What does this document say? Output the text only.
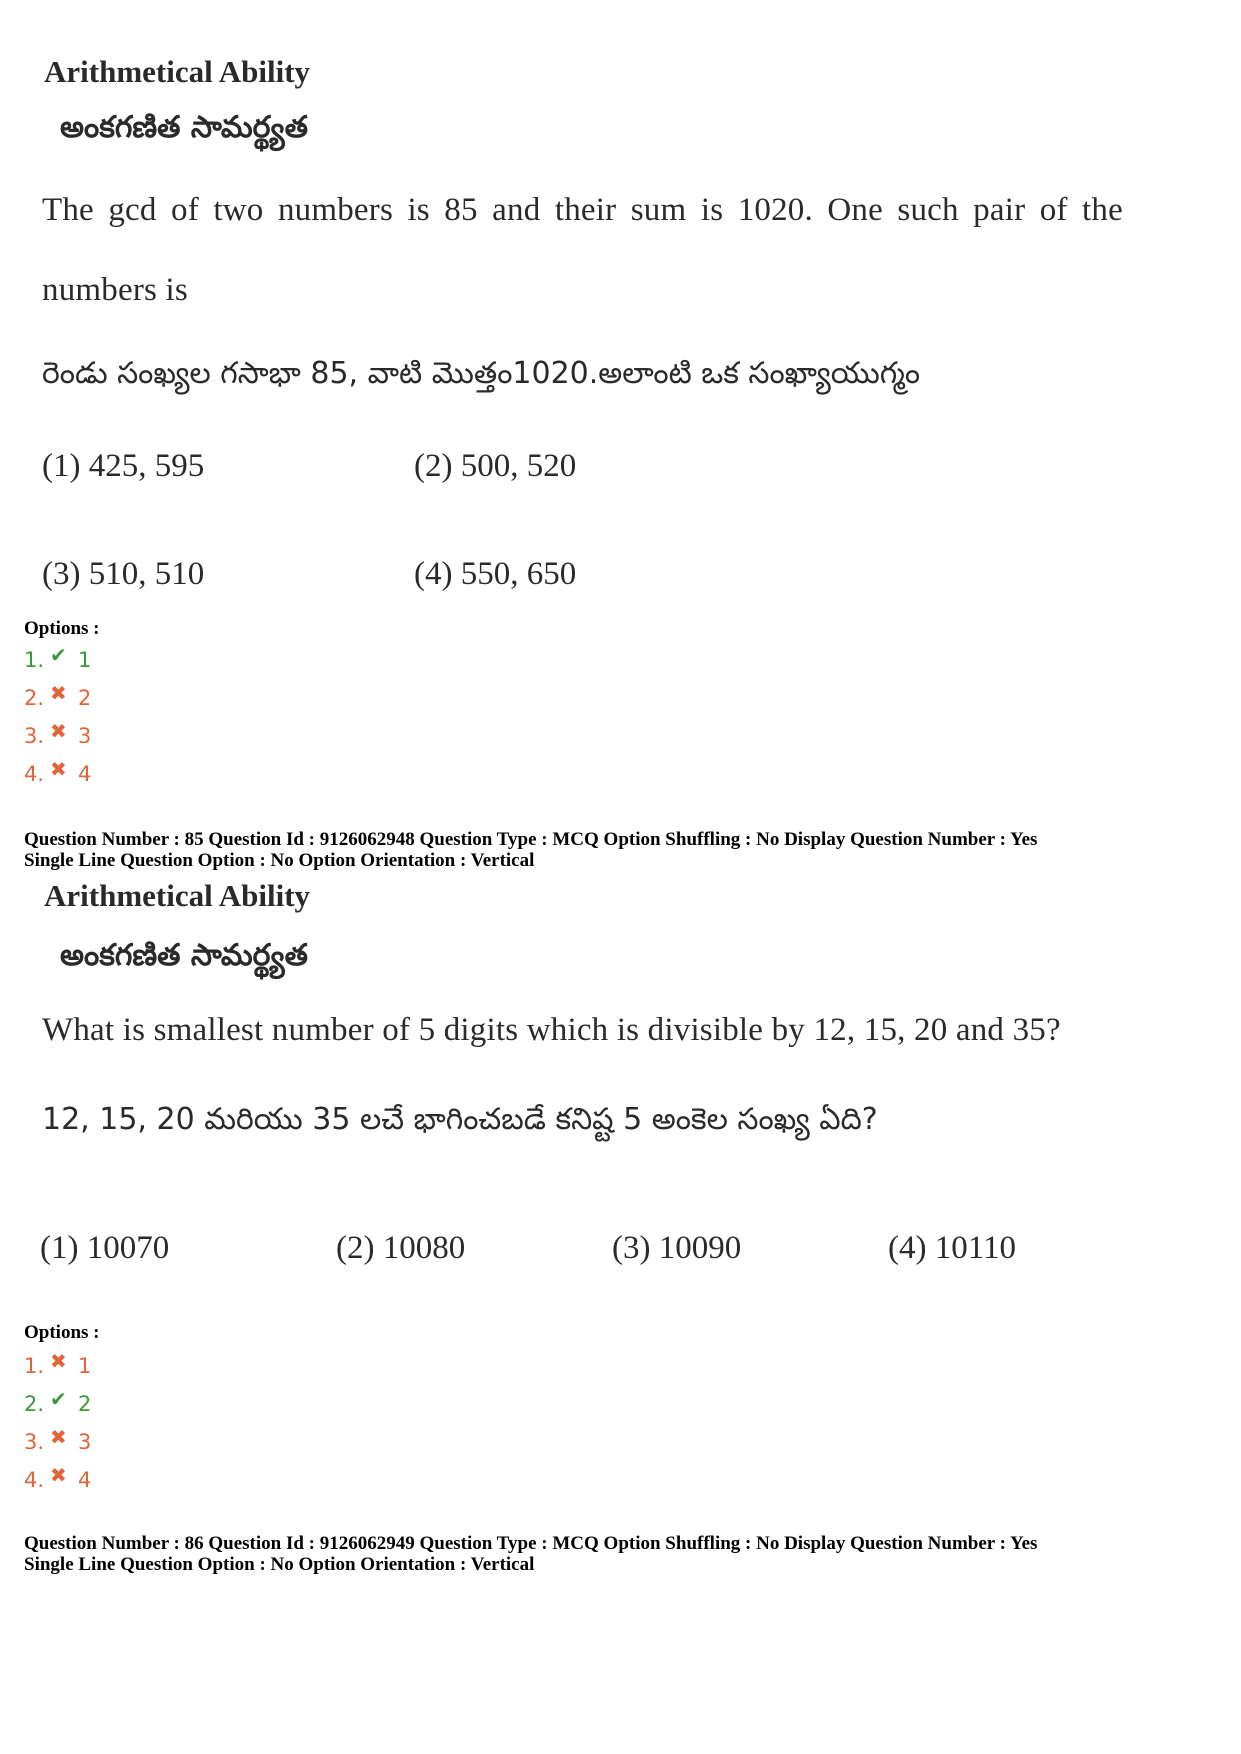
Arithmetical Ability
అంకగణిత సామర్థ్యత
The gcd of two numbers is 85 and their sum is 1020. One such pair of the
numbers is
రెండు సంఖ్యల గసాభా 85, వాటి మొత్తం1020.అలాంటి ఒక సంఖ్యాయుగ్మం
(1) 425, 595	(2) 500, 520
(3) 510, 510	(4) 550, 650
Options :
1. ✔ 1
2. ✖ 2
3. ✖ 3
4. ✖ 4
Question Number : 85 Question Id : 9126062948 Question Type : MCQ Option Shuffling : No Display Question Number : Yes
Single Line Question Option : No Option Orientation : Vertical
Arithmetical Ability
అంకగణిత సామర్థ్యత
What is smallest number of 5 digits which is divisible by 12, 15, 20 and 35?
12, 15, 20 మరియు 35 లచే భాగించబడే కనిష్ట 5 అంకెల సంఖ్య ఏది?
(1) 10070	(2) 10080	(3) 10090	(4) 10110
Options :
1. ✖ 1
2. ✔ 2
3. ✖ 3
4. ✖ 4
Question Number : 86 Question Id : 9126062949 Question Type : MCQ Option Shuffling : No Display Question Number : Yes
Single Line Question Option : No Option Orientation : Vertical
